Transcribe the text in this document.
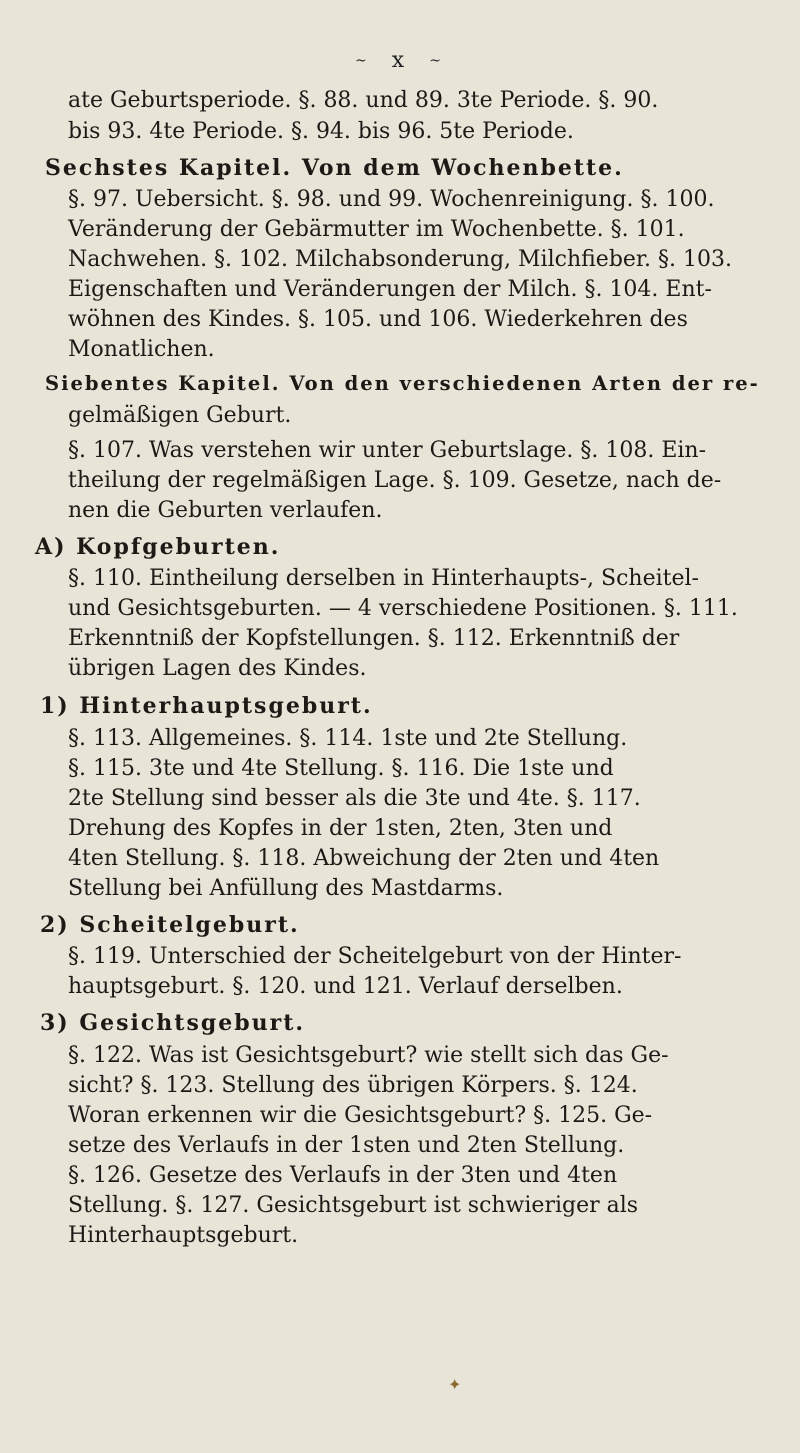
~ x ~
ate Geburtsperiode. §. 88. und 89. 3te Periode. §. 90.
bis 93. 4te Periode. §. 94. bis 96. 5te Periode.
Sechstes Kapitel. Von dem Wochenbette.
§. 97. Uebersicht. §. 98. und 99. Wochenreinigung. §. 100.
Veränderung der Gebärmutter im Wochenbette. §. 101.
Nachwehen. §. 102. Milchabsonderung, Milchfieber. §. 103.
Eigenschaften und Veränderungen der Milch. §. 104. Ent-
wöhnen des Kindes. §. 105. und 106. Wiederkehren des
Monatlichen.
Siebentes Kapitel. Von den verschiedenen Arten der re-
gelmäßigen Geburt.
§. 107. Was verstehen wir unter Geburtslage. §. 108. Ein-
theilung der regelmäßigen Lage. §. 109. Gesetze, nach de-
nen die Geburten verlaufen.
A) Kopfgeburten.
§. 110. Eintheilung derselben in Hinterhaupts-, Scheitel-
und Gesichtsgeburten. — 4 verschiedene Positionen. §. 111.
Erkenntniß der Kopfstellungen. §. 112. Erkenntniß der
übrigen Lagen des Kindes.
1) Hinterhauptsgeburt.
§. 113. Allgemeines. §. 114. 1ste und 2te Stellung.
§. 115. 3te und 4te Stellung. §. 116. Die 1ste und
2te Stellung sind besser als die 3te und 4te. §. 117.
Drehung des Kopfes in der 1sten, 2ten, 3ten und
4ten Stellung. §. 118. Abweichung der 2ten und 4ten
Stellung bei Anfüllung des Mastdarms.
2) Scheitelgeburt.
§. 119. Unterschied der Scheitelgeburt von der Hinter-
hauptsgeburt. §. 120. und 121. Verlauf derselben.
3) Gesichtsgeburt.
§. 122. Was ist Gesichtsgeburt? wie stellt sich das Ge-
sicht? §. 123. Stellung des übrigen Körpers. §. 124.
Woran erkennen wir die Gesichtsgeburt? §. 125. Ge-
setze des Verlaufs in der 1sten und 2ten Stellung.
§. 126. Gesetze des Verlaufs in der 3ten und 4ten
Stellung. §. 127. Gesichtsgeburt ist schwieriger als
Hinterhauptsgeburt.
✦
